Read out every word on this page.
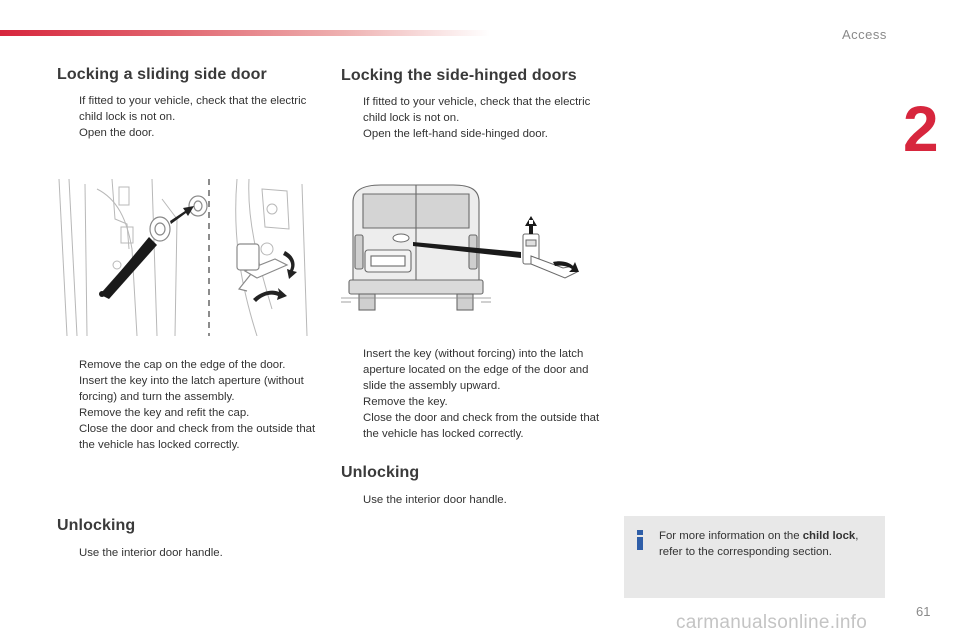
Access
2
Locking a sliding side door
If fitted to your vehicle, check that the electric child lock is not on.
Open the door.
Remove the cap on the edge of the door.
Insert the key into the latch aperture (without forcing) and turn the assembly.
Remove the key and refit the cap.
Close the door and check from the outside that the vehicle has locked correctly.
Unlocking
Use the interior door handle.
Locking the side-hinged doors
If fitted to your vehicle, check that the electric child lock is not on.
Open the left-hand side-hinged door.
Insert the key (without forcing) into the latch aperture located on the edge of the door and slide the assembly upward.
Remove the key.
Close the door and check from the outside that the vehicle has locked correctly.
Unlocking
Use the interior door handle.
For more information on the child lock, refer to the corresponding section.
61
carmanualsonline.info
